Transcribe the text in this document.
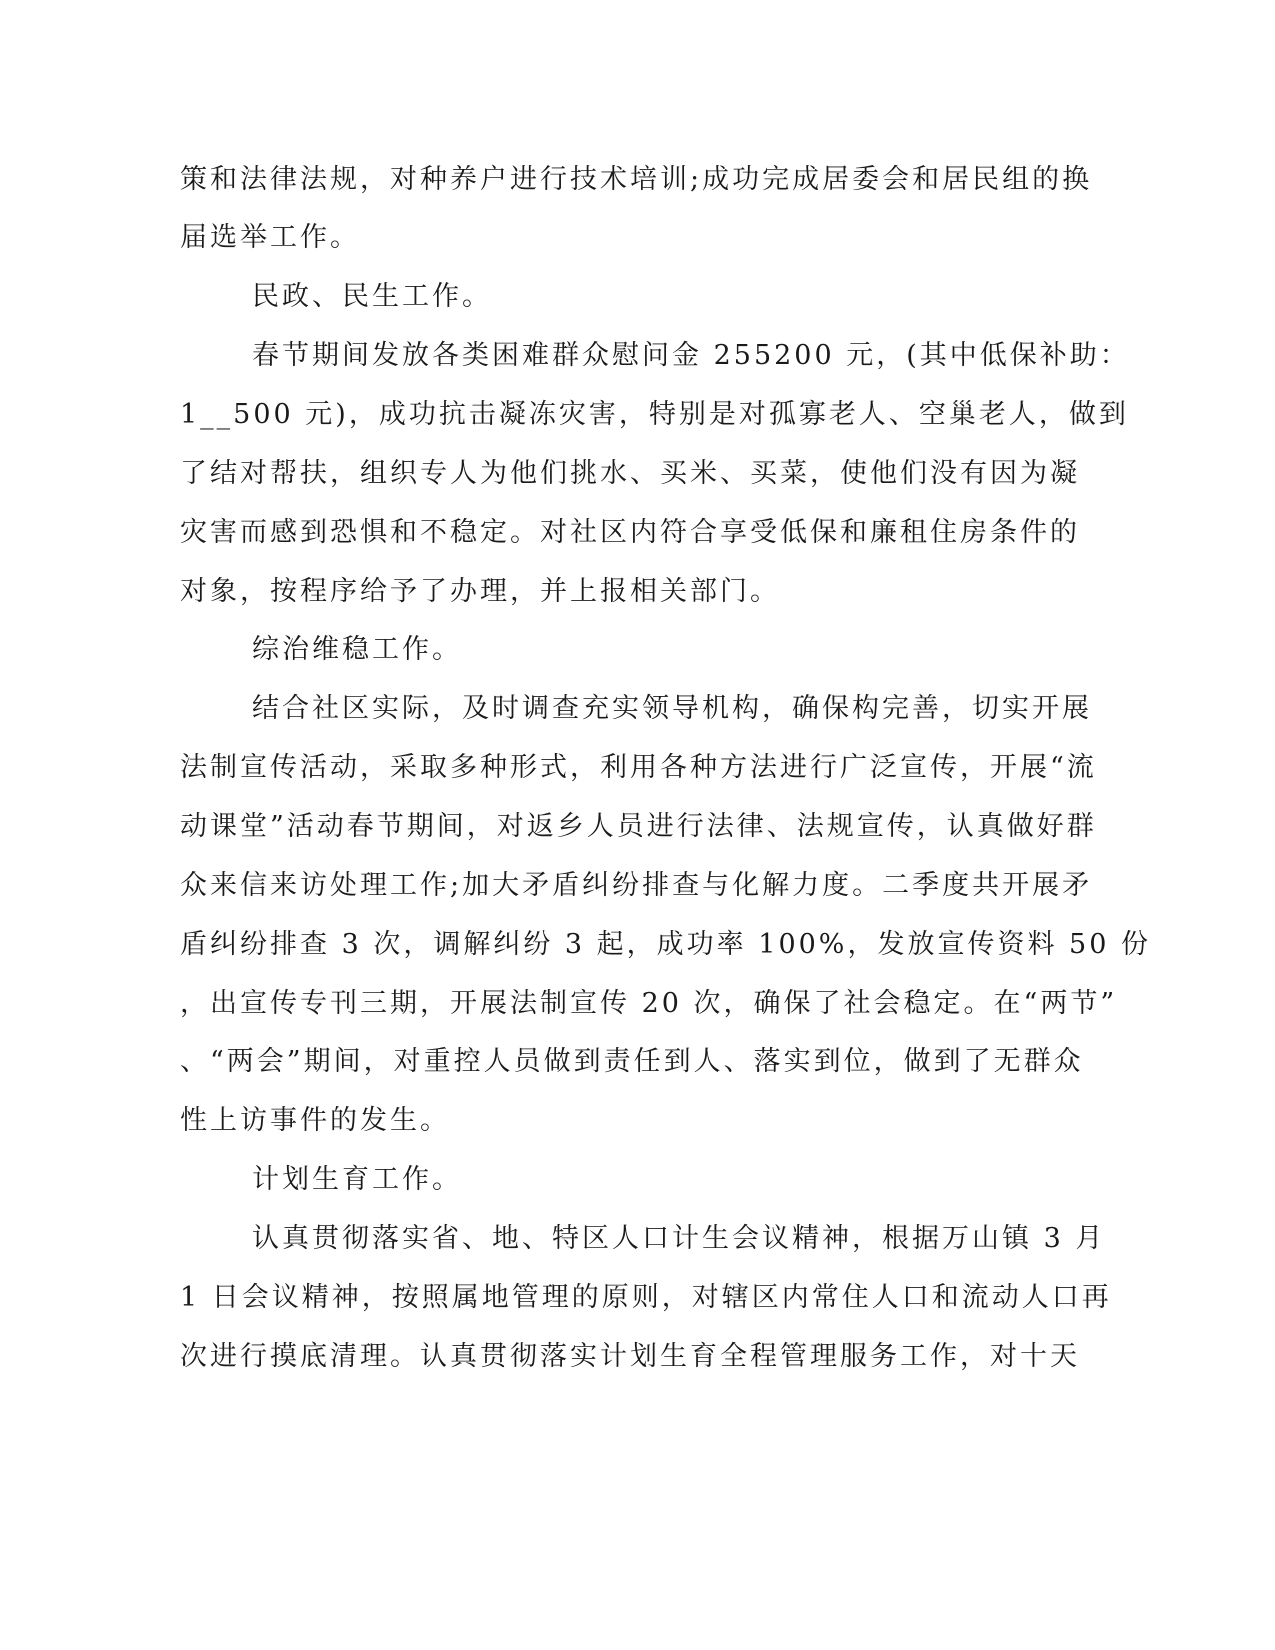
策和法律法规，对种养户进行技术培训;成功完成居委会和居民组的换

届选举工作。

民政、民生工作。

春节期间发放各类困难群众慰问金 255200 元，(其中低保补助：

1__500 元)，成功抗击凝冻灾害，特别是对孤寡老人、空巢老人，做到

了结对帮扶，组织专人为他们挑水、买米、买菜，使他们没有因为凝

灾害而感到恐惧和不稳定。对社区内符合享受低保和廉租住房条件的

对象，按程序给予了办理，并上报相关部门。

综治维稳工作。

结合社区实际，及时调查充实领导机构，确保构完善，切实开展

法制宣传活动，采取多种形式，利用各种方法进行广泛宣传，开展“流

动课堂”活动春节期间，对返乡人员进行法律、法规宣传，认真做好群

众来信来访处理工作;加大矛盾纠纷排查与化解力度。二季度共开展矛

盾纠纷排查 3 次，调解纠纷 3 起，成功率 100%，发放宣传资料 50 份

，出宣传专刊三期，开展法制宣传 20 次，确保了社会稳定。在“两节”

、“两会”期间，对重控人员做到责任到人、落实到位，做到了无群众

性上访事件的发生。

计划生育工作。

认真贯彻落实省、地、特区人口计生会议精神，根据万山镇 3 月

1 日会议精神，按照属地管理的原则，对辖区内常住人口和流动人口再

次进行摸底清理。认真贯彻落实计划生育全程管理服务工作，对十天
